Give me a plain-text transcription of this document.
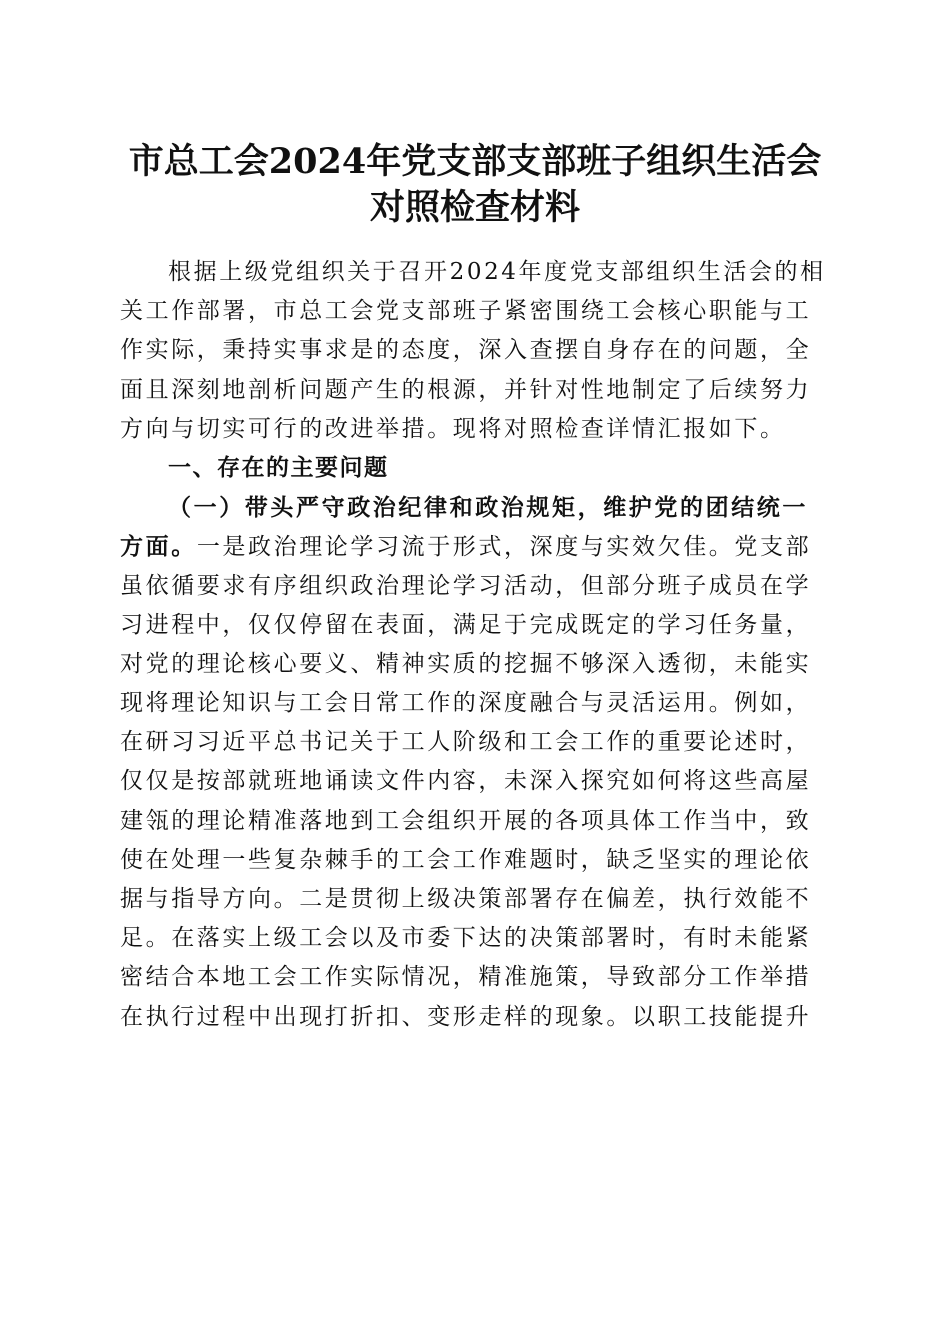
市总工会2024年党支部支部班子组织生活会
对照检查材料
根据上级党组织关于召开2024年度党支部组织生活会的相
关工作部署，市总工会党支部班子紧密围绕工会核心职能与工
作实际，秉持实事求是的态度，深入查摆自身存在的问题，全
面且深刻地剖析问题产生的根源，并针对性地制定了后续努力
方向与切实可行的改进举措。现将对照检查详情汇报如下。
一、存在的主要问题
（一）带头严守政治纪律和政治规矩，维护党的团结统一
方面。一是政治理论学习流于形式，深度与实效欠佳。党支部
虽依循要求有序组织政治理论学习活动，但部分班子成员在学
习进程中，仅仅停留在表面，满足于完成既定的学习任务量，
对党的理论核心要义、精神实质的挖掘不够深入透彻，未能实
现将理论知识与工会日常工作的深度融合与灵活运用。例如，
在研习习近平总书记关于工人阶级和工会工作的重要论述时，
仅仅是按部就班地诵读文件内容，未深入探究如何将这些高屋
建瓴的理论精准落地到工会组织开展的各项具体工作当中，致
使在处理一些复杂棘手的工会工作难题时，缺乏坚实的理论依
据与指导方向。二是贯彻上级决策部署存在偏差，执行效能不
足。在落实上级工会以及市委下达的决策部署时，有时未能紧
密结合本地工会工作实际情况，精准施策，导致部分工作举措
在执行过程中出现打折扣、变形走样的现象。以职工技能提升
